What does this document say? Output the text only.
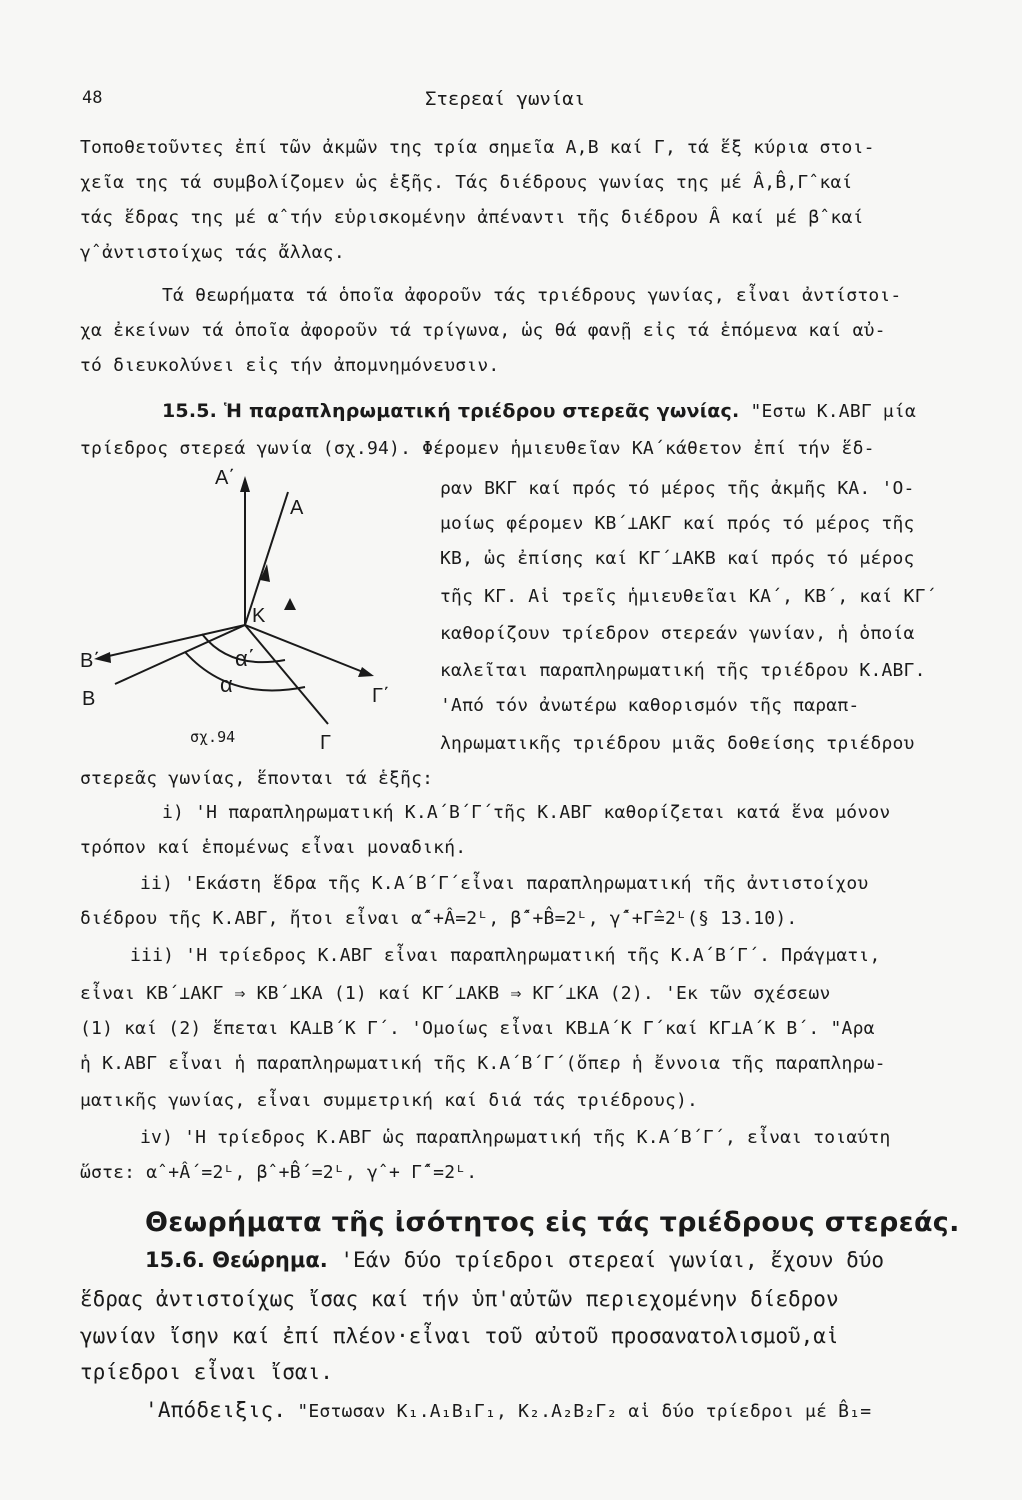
48	Στερεαί γωνίαι
Τοποθετοῦντες ἐπί τῶν ἀκμῶν της τρία σημεῖα Α,Β καί Γ, τά ἕξ κύρια στοι-
χεῖα της τά συμβολίζομεν ὡς ἑξῆς. Τάς διέδρους γωνίας της μέ Â,B̂,Γ̂ καί
τάς ἕδρας της μέ α̂ τήν εὑρισκομένην ἀπέναντι τῆς διέδρου Â καί μέ β̂ καί
γ̂ ἀντιστοίχως τάς ἄλλας.
Τά θεωρήματα τά ὁποῖα ἀφοροῦν τάς τριέδρους γωνίας, εἶναι ἀντίστοι-
χα ἐκείνων τά ὁποῖα ἀφοροῦν τά τρίγωνα, ὡς θά φανῇ εἰς τά ἑπόμενα καί αὐ-
τό διευκολύνει εἰς τήν ἀπομνημόνευσιν.
15.5. Ἡ παραπληρωματική τριέδρου στερεᾶς γωνίας. "Εστω Κ.ΑΒΓ μία
τρίεδρος στερεά γωνία (σχ.94). Φέρομεν ἡμιευθεῖαν ΚΑ΄κάθετον ἐπί τήν ἕδ-
ραν ΒΚΓ καί πρός τό μέρος τῆς ἀκμῆς ΚΑ. 'Ο-
μοίως φέρομεν ΚΒ΄⊥ΑΚΓ καί πρός τό μέρος τῆς
ΚΒ, ὡς ἐπίσης καί ΚΓ΄⊥ΑΚΒ καί πρός τό μέρος
τῆς ΚΓ. Αἱ τρεῖς ἡμιευθεῖαι ΚΑ΄, ΚΒ΄, καί ΚΓ΄
καθορίζουν τρίεδρον στερεάν γωνίαν, ἡ ὁποία
καλεῖται παραπληρωματική τῆς τριέδρου Κ.ΑΒΓ.
'Από τόν ἀνωτέρω καθορισμόν τῆς παραπ-
ληρωματικῆς τριέδρου μιᾶς δοθείσης τριέδρου
Α΄
Α
Κ
Β΄
Β	Γ΄
Γ
α΄
α
σχ.94
στερεᾶς γωνίας, ἕπονται τά ἑξῆς:
i) 'Η παραπληρωματική Κ.Α΄Β΄Γ΄τῆς Κ.ΑΒΓ καθορίζεται κατά ἕνα μόνον
τρόπον καί ἑπομένως εἶναι μοναδική.
ii) 'Εκάστη ἕδρα τῆς Κ.Α΄Β΄Γ΄εἶναι παραπληρωματική τῆς ἀντιστοίχου
διέδρου τῆς Κ.ΑΒΓ, ἤτοι εἶναι α̂΄+Â=2ᴸ, β̂΄+B̂=2ᴸ, γ̂΄+Γ̂=2ᴸ(§ 13.10).
iii) 'Η τρίεδρος Κ.ΑΒΓ εἶναι παραπληρωματική τῆς Κ.Α΄Β΄Γ΄. Πράγματι,
εἶναι ΚΒ΄⊥ΑΚΓ ⇒ ΚΒ΄⊥ΚΑ (1) καί ΚΓ΄⊥ΑΚΒ ⇒ ΚΓ΄⊥ΚΑ (2). 'Εκ τῶν σχέσεων
(1) καί (2) ἕπεται ΚΑ⊥Β΄Κ Γ΄. 'Ομοίως εἶναι ΚΒ⊥Α΄Κ Γ΄καί ΚΓ⊥Α΄Κ Β΄. "Αρα
ἡ Κ.ΑΒΓ εἶναι ἡ παραπληρωματική τῆς Κ.Α΄Β΄Γ΄(ὅπερ ἡ ἔννοια τῆς παραπληρω-
ματικῆς γωνίας, εἶναι συμμετρική καί διά τάς τριέδρους).
iv) 'Η τρίεδρος Κ.ΑΒΓ ὡς παραπληρωματική τῆς Κ.Α΄Β΄Γ΄, εἶναι τοιαύτη
ὥστε: α̂ +Â΄=2ᴸ, β̂ +B̂΄=2ᴸ, γ̂ + Γ̂΄=2ᴸ.
Θεωρήματα τῆς ἰσότητος εἰς τάς τριέδρους στερεάς.
15.6. Θεώρημα. 'Εάν δύο τρίεδροι στερεαί γωνίαι, ἔχουν δύο
ἕδρας ἀντιστοίχως ἴσας καί τήν ὑπ'αὐτῶν περιεχομένην δίεδρον
γωνίαν ἴσην καί ἐπί πλέον·εἶναι τοῦ αὐτοῦ προσανατολισμοῦ,αἱ
τρίεδροι εἶναι ἴσαι.
'Απόδειξις. "Εστωσαν Κ₁.Α₁Β₁Γ₁, Κ₂.Α₂Β₂Γ₂ αἱ δύο τρίεδροι μέ B̂₁=
